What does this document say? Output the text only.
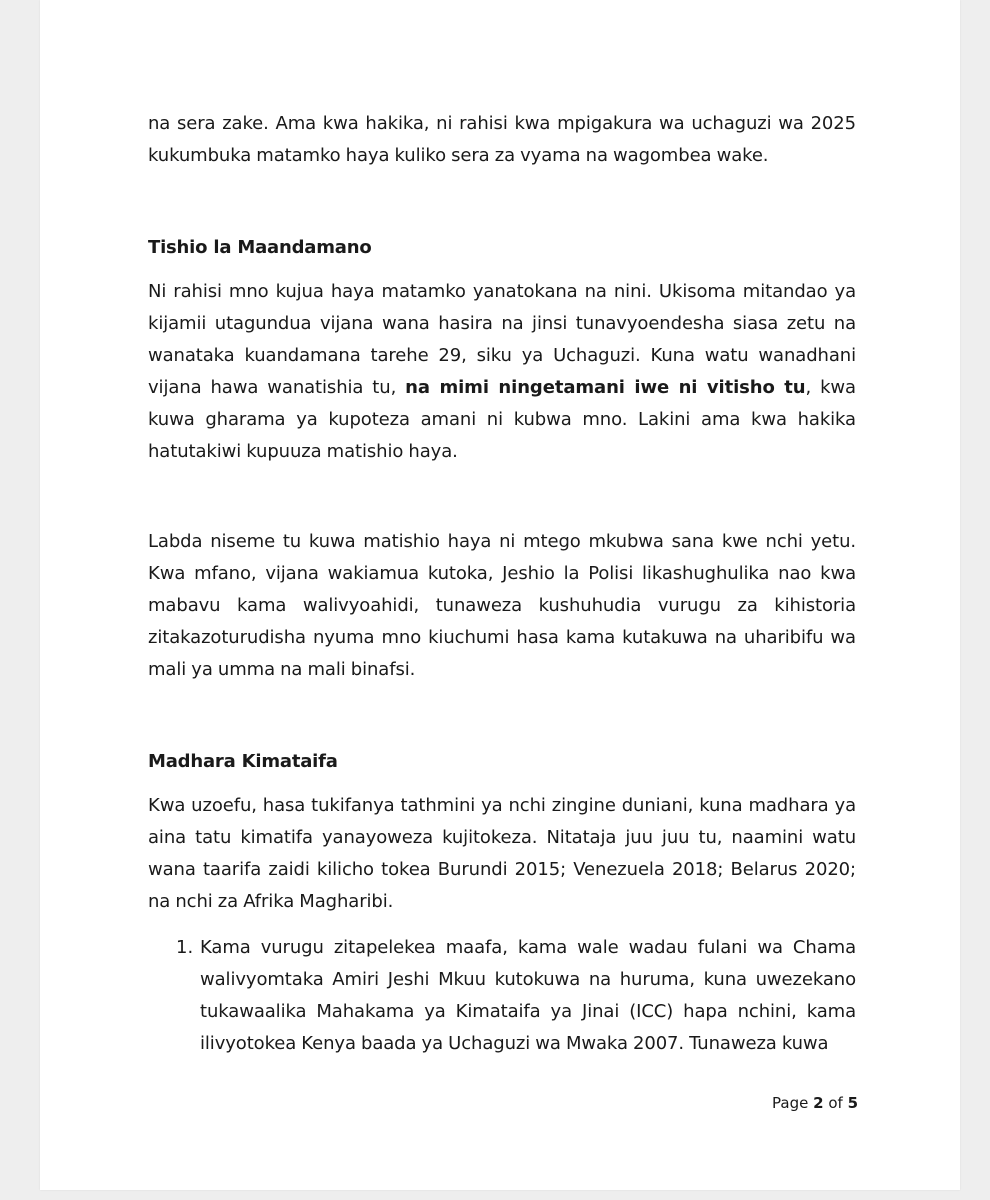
na sera zake. Ama kwa hakika, ni rahisi kwa mpigakura wa uchaguzi wa 2025 kukumbuka matamko haya kuliko sera za vyama na wagombea wake.

Tishio la Maandamano

Ni rahisi mno kujua haya matamko yanatokana na nini. Ukisoma mitandao ya kijamii utagundua vijana wana hasira na jinsi tunavyoendesha siasa zetu na wanataka kuandamana tarehe 29, siku ya Uchaguzi. Kuna watu wanadhani vijana hawa wanatishia tu, na mimi ningetamani iwe ni vitisho tu, kwa kuwa gharama ya kupoteza amani ni kubwa mno. Lakini ama kwa hakika hatutakiwi kupuuza matishio haya.

Labda niseme tu kuwa matishio haya ni mtego mkubwa sana kwe nchi yetu. Kwa mfano, vijana wakiamua kutoka, Jeshio la Polisi likashughulika nao kwa mabavu kama walivyoahidi, tunaweza kushuhudia vurugu za kihistoria zitakazoturudisha nyuma mno kiuchumi hasa kama kutakuwa na uharibifu wa mali ya umma na mali binafsi.

Madhara Kimataifa

Kwa uzoefu, hasa tukifanya tathmini ya nchi zingine duniani, kuna madhara ya aina tatu kimatifa yanayoweza kujitokeza. Nitataja juu juu tu, naamini watu wana taarifa zaidi kilicho tokea Burundi 2015; Venezuela 2018; Belarus 2020; na nchi za Afrika Magharibi.

1. Kama vurugu zitapelekea maafa, kama wale wadau fulani wa Chama walivyomtaka Amiri Jeshi Mkuu kutokuwa na huruma, kuna uwezekano tukawaalika Mahakama ya Kimataifa ya Jinai (ICC) hapa nchini, kama ilivyotokea Kenya baada ya Uchaguzi wa Mwaka 2007. Tunaweza kuwa

Page 2 of 5
